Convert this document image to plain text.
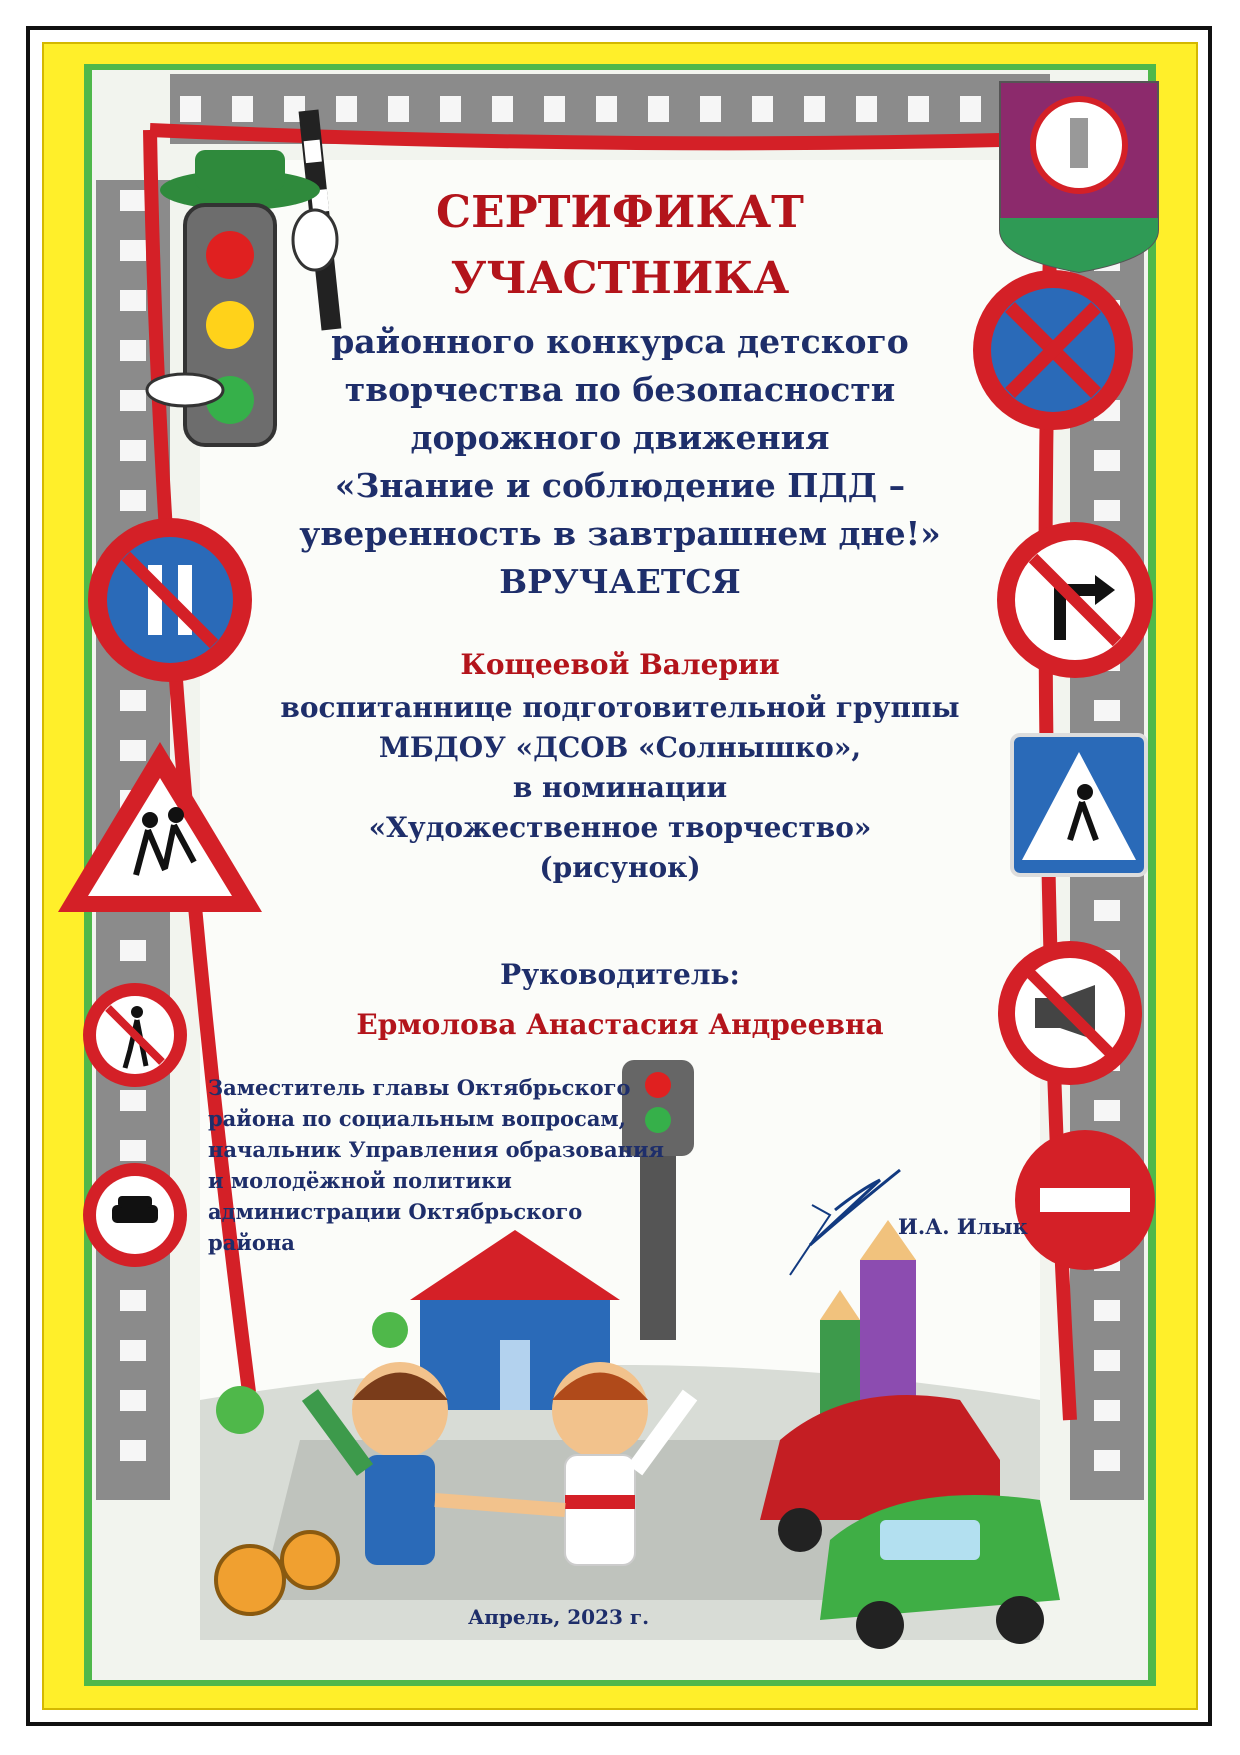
СЕРТИФИКАТ
УЧАСТНИКА
районного конкурса детского
творчества по безопасности
дорожного движения
«Знание и соблюдение ПДД –
уверенность в завтрашнем дне!»
ВРУЧАЕТСЯ
Кощеевой Валерии
воспитаннице подготовительной группы
МБДОУ «ДСОВ «Солнышко»,
в номинации
«Художественное творчество»
(рисунок)
Руководитель:
Ермолова Анастасия Андреевна
Заместитель главы Октябрьского
района по социальным вопросам,
начальник Управления образования
и молодёжной политики
администрации Октябрьского района
И.А. Илык
Апрель, 2023 г.
